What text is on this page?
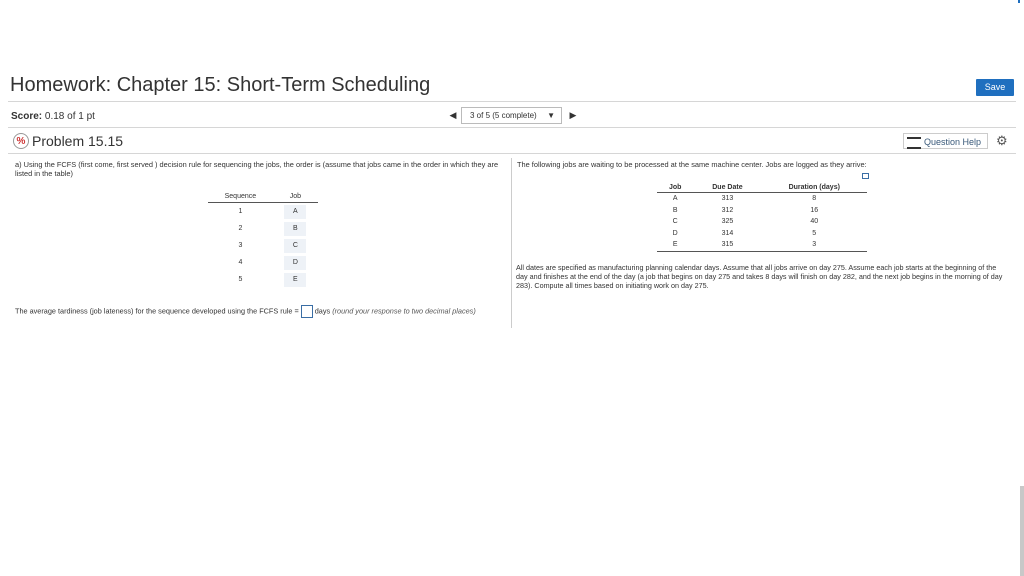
Homework: Chapter 15: Short-Term Scheduling	Save
Score: 0.18 of 1 pt	◀	3 of 5 (5 complete) ▼	▶
% Problem 15.15	Question Help	⚙
a) Using the FCFS (first come, first served ) decision rule for sequencing the jobs, the order is (assume that jobs came in the order in which they are listed in the table)
Sequence	Job
1	A
2	B
3	C
4	D
5	E
The average tardiness (job lateness) for the sequence developed using the FCFS rule = days (round your response to two decimal places)
The following jobs are waiting to be processed at the same machine center. Jobs are logged as they arrive:
Job	Due Date	Duration (days)
A	313	8
B	312	16
C	325	40
D	314	5
E	315	3
All dates are specified as manufacturing planning calendar days. Assume that all jobs arrive on day 275. Assume each job starts at the beginning of the day and finishes at the end of the day (a job that begins on day 275 and takes 8 days will finish on day 282, and the next job begins in the morning of day 283). Compute all times based on initiating work on day 275.
